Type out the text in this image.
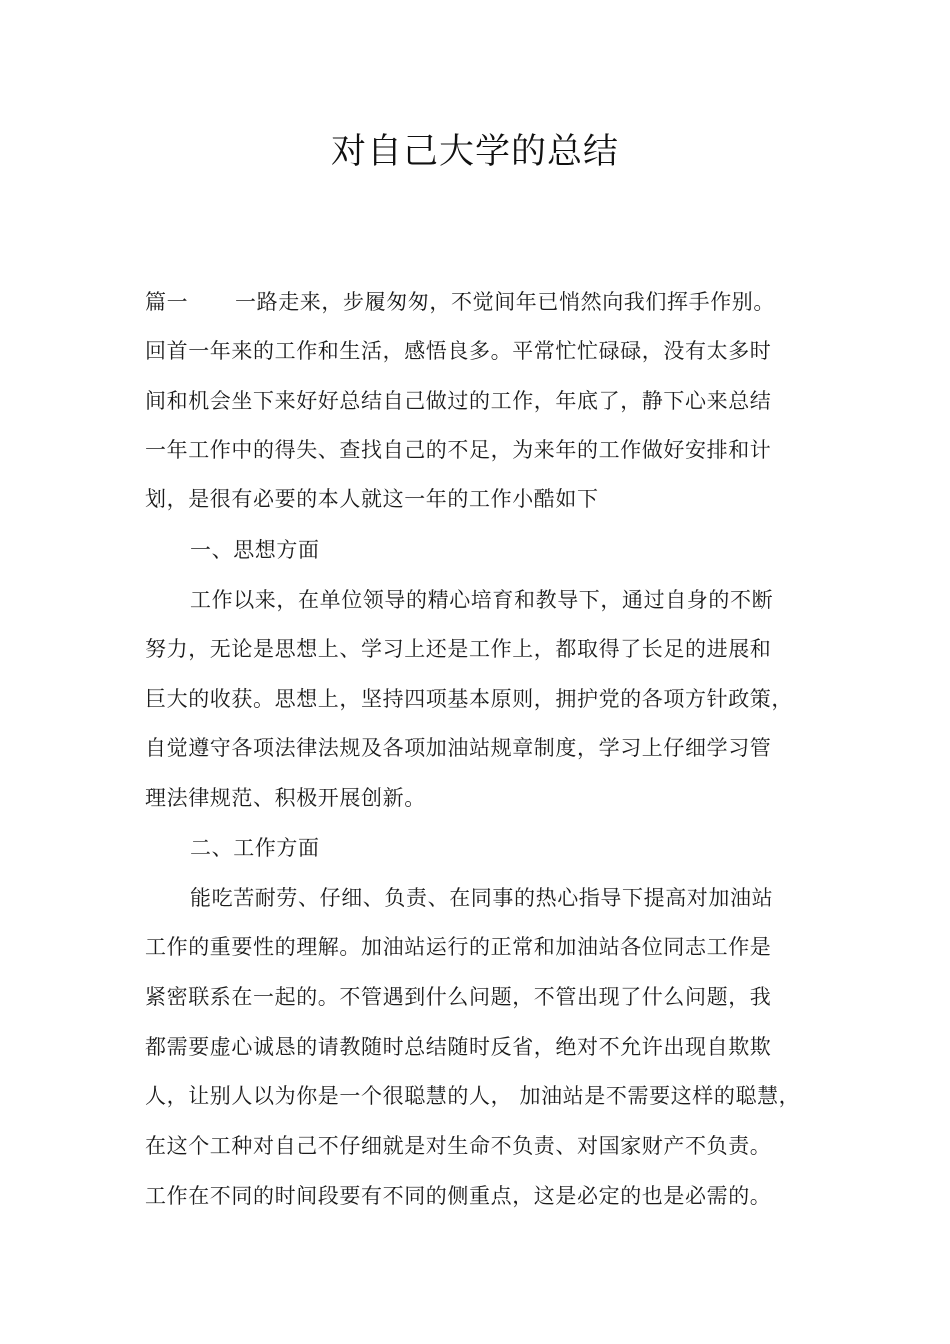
对自己大学的总结
篇一 一路走来，步履匆匆，不觉间年已悄然向我们挥手作别。
回首一年来的工作和生活，感悟良多。平常忙忙碌碌，没有太多时
间和机会坐下来好好总结自己做过的工作，年底了，静下心来总结
一年工作中的得失、查找自己的不足，为来年的工作做好安排和计
划，是很有必要的本人就这一年的工作小酷如下
一、思想方面
工作以来，在单位领导的精心培育和教导下，通过自身的不断
努力，无论是思想上、学习上还是工作上，都取得了长足的进展和
巨大的收获。思想上，坚持四项基本原则，拥护党的各项方针政策，
自觉遵守各项法律法规及各项加油站规章制度，学习上仔细学习管
理法律规范、积极开展创新。
二、工作方面
能吃苦耐劳、仔细、负责、在同事的热心指导下提高对加油站
工作的重要性的理解。加油站运行的正常和加油站各位同志工作是
紧密联系在一起的。不管遇到什么问题，不管出现了什么问题，我
都需要虚心诚恳的请教随时总结随时反省，绝对不允许出现自欺欺
人，让别人以为你是一个很聪慧的人， 加油站是不需要这样的聪慧，
在这个工种对自己不仔细就是对生命不负责、对国家财产不负责。
工作在不同的时间段要有不同的侧重点，这是必定的也是必需的。
